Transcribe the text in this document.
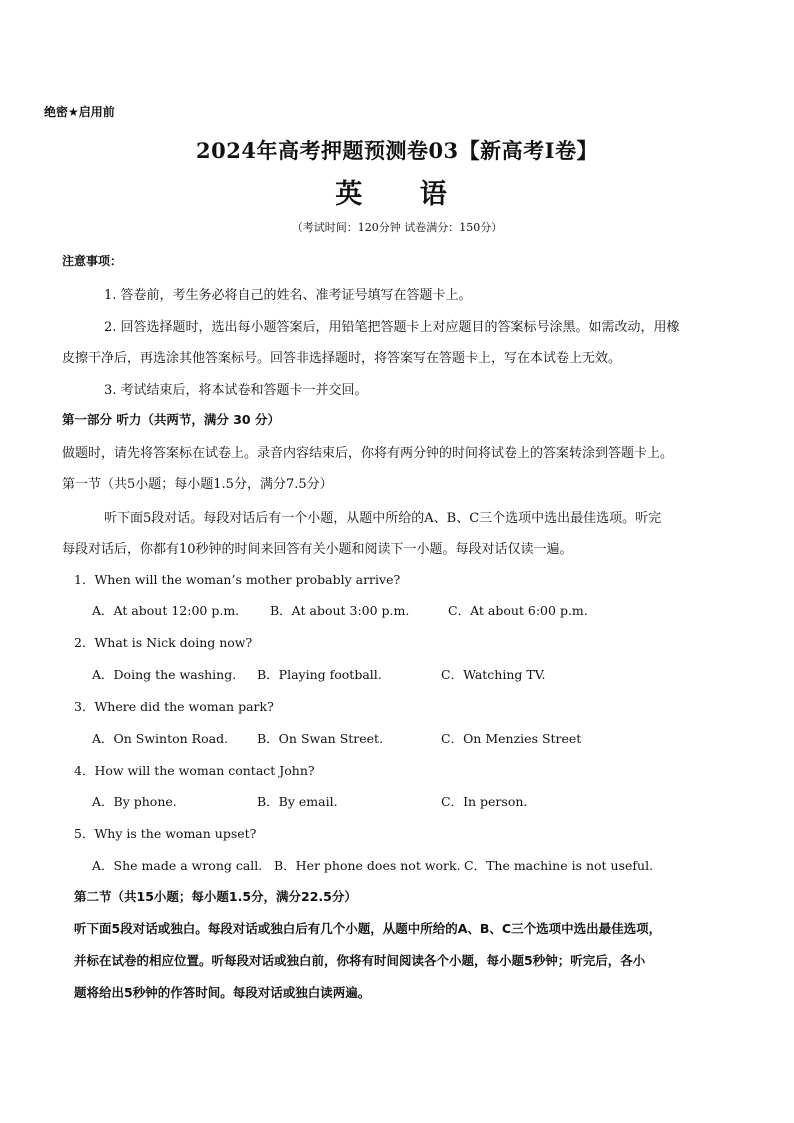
绝密★启用前
2024年高考押题预测卷03【新高考I卷】
英 语
（考试时间：120分钟 试卷满分：150分）
注意事项：
1. 答卷前，考生务必将自己的姓名、准考证号填写在答题卡上。
2. 回答选择题时，选出每小题答案后，用铅笔把答题卡上对应题目的答案标号涂黑。如需改动，用橡
皮擦干净后，再选涂其他答案标号。回答非选择题时，将答案写在答题卡上，写在本试卷上无效。
3. 考试结束后，将本试卷和答题卡一并交回。
第一部分 听力（共两节，满分 30 分）
做题时，请先将答案标在试卷上。录音内容结束后，你将有两分钟的时间将试卷上的答案转涂到答题卡上。
第一节（共5小题；每小题1.5分，满分7.5分）
听下面5段对话。每段对话后有一个小题，从题中所给的A、B、C三个选项中选出最佳选项。听完
每段对话后，你都有10秒钟的时间来回答有关小题和阅读下一小题。每段对话仅读一遍。
1．When will the woman’s mother probably arrive?
A．At about 12:00 p.m. B．At about 3:00 p.m.	C．At about 6:00 p.m.
2．What is Nick doing now?
A．Doing the washing. B．Playing football.	C．Watching TV.
3．Where did the woman park?
A．On Swinton Road. B．On Swan Street.	C．On Menzies Street
4．How will the woman contact John?
A．By phone.	B．By email.	C．In person.
5．Why is the woman upset?
A．She made a wrong call. B．Her phone does not work. C．The machine is not useful.
第二节（共15小题；每小题1.5分，满分22.5分）
听下面5段对话或独白。每段对话或独白后有几个小题，从题中所给的A、B、C三个选项中选出最佳选项，
并标在试卷的相应位置。听每段对话或独白前，你将有时间阅读各个小题，每小题5秒钟；听完后，各小
题将给出5秒钟的作答时间。每段对话或独白读两遍。
